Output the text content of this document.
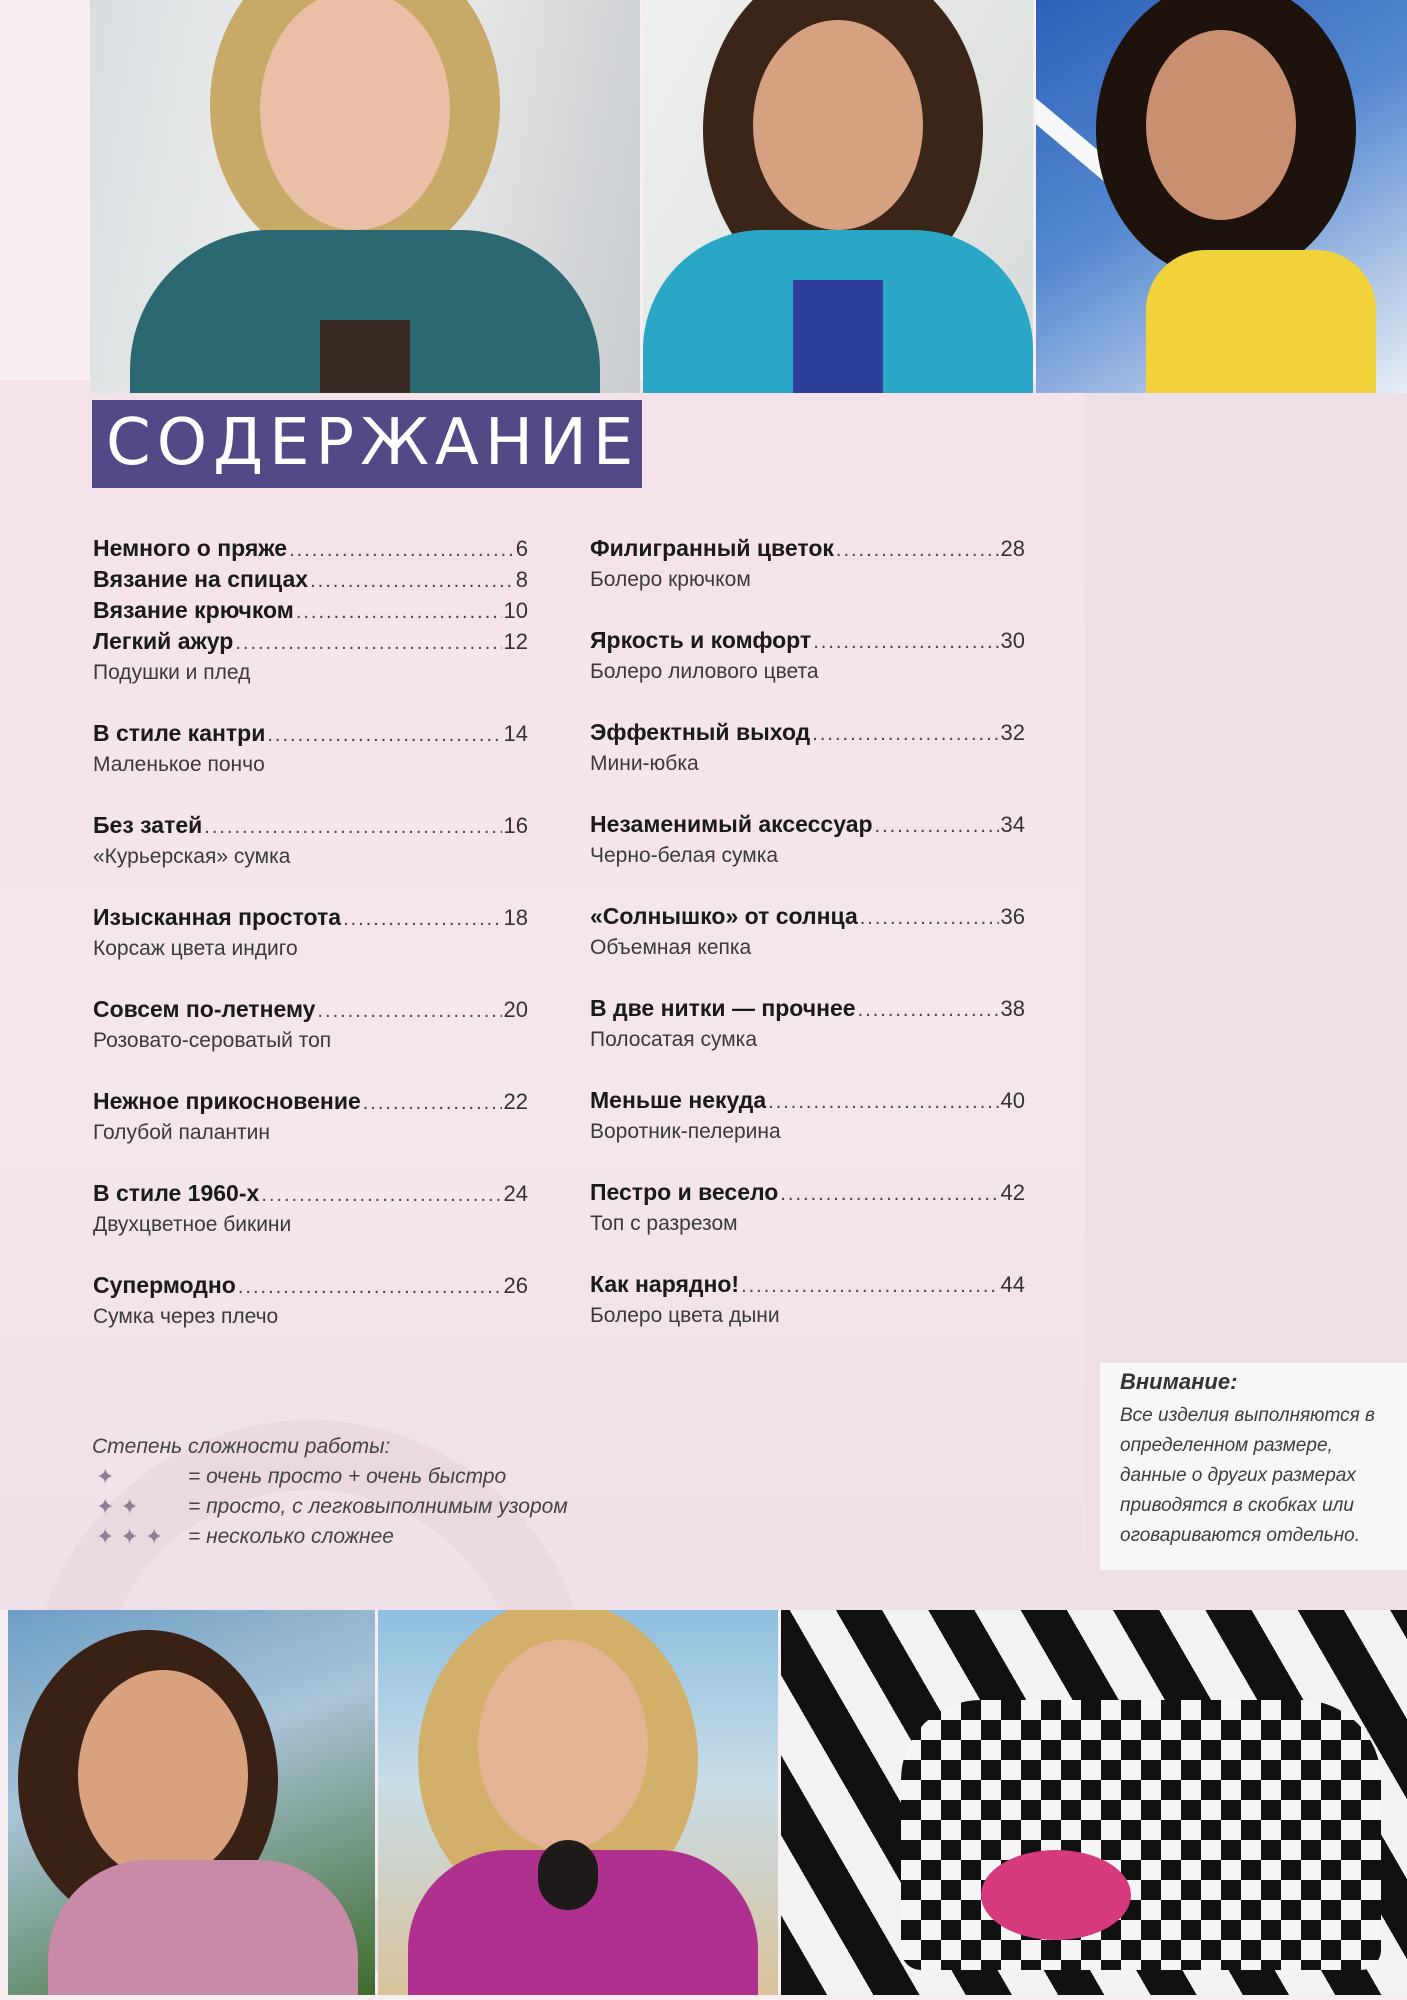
СОДЕРЖАНИЕ
Немного о пряже .....	6
Вязание на спицах .....	8
Вязание крючком .....	10
Легкий ажур .....	12
Подушки и плед
В стиле кантри .....	14
Маленькое пончо
Без затей .....	16
«Курьерская» сумка
Изысканная простота .....	18
Корсаж цвета индиго
Совсем по-летнему .....	20
Розовато-сероватый топ
Нежное прикосновение .....	22
Голубой палантин
В стиле 1960-х .....	24
Двухцветное бикини
Супермодно .....	26
Сумка через плечо
Филигранный цветок .....	28
Болеро крючком
Яркость и комфорт .....	30
Болеро лилового цвета
Эффектный выход .....	32
Мини-юбка
Незаменимый аксессуар .....	34
Черно-белая сумка
«Солнышко» от солнца .....	36
Объемная кепка
В две нитки — прочнее .....	38
Полосатая сумка
Меньше некуда .....	40
Воротник-пелерина
Пестро и весело .....	42
Топ с разрезом
Как нарядно! .....	44
Болеро цвета дыни
Степень сложности работы:
✦	= очень просто + очень быстро
✦✦ = просто, с легковыполнимым узором
✦✦✦ = несколько сложнее
Внимание:
Все изделия выполняются в определенном размере, данные о других размерах приводятся в скобках или оговариваются отдельно.
